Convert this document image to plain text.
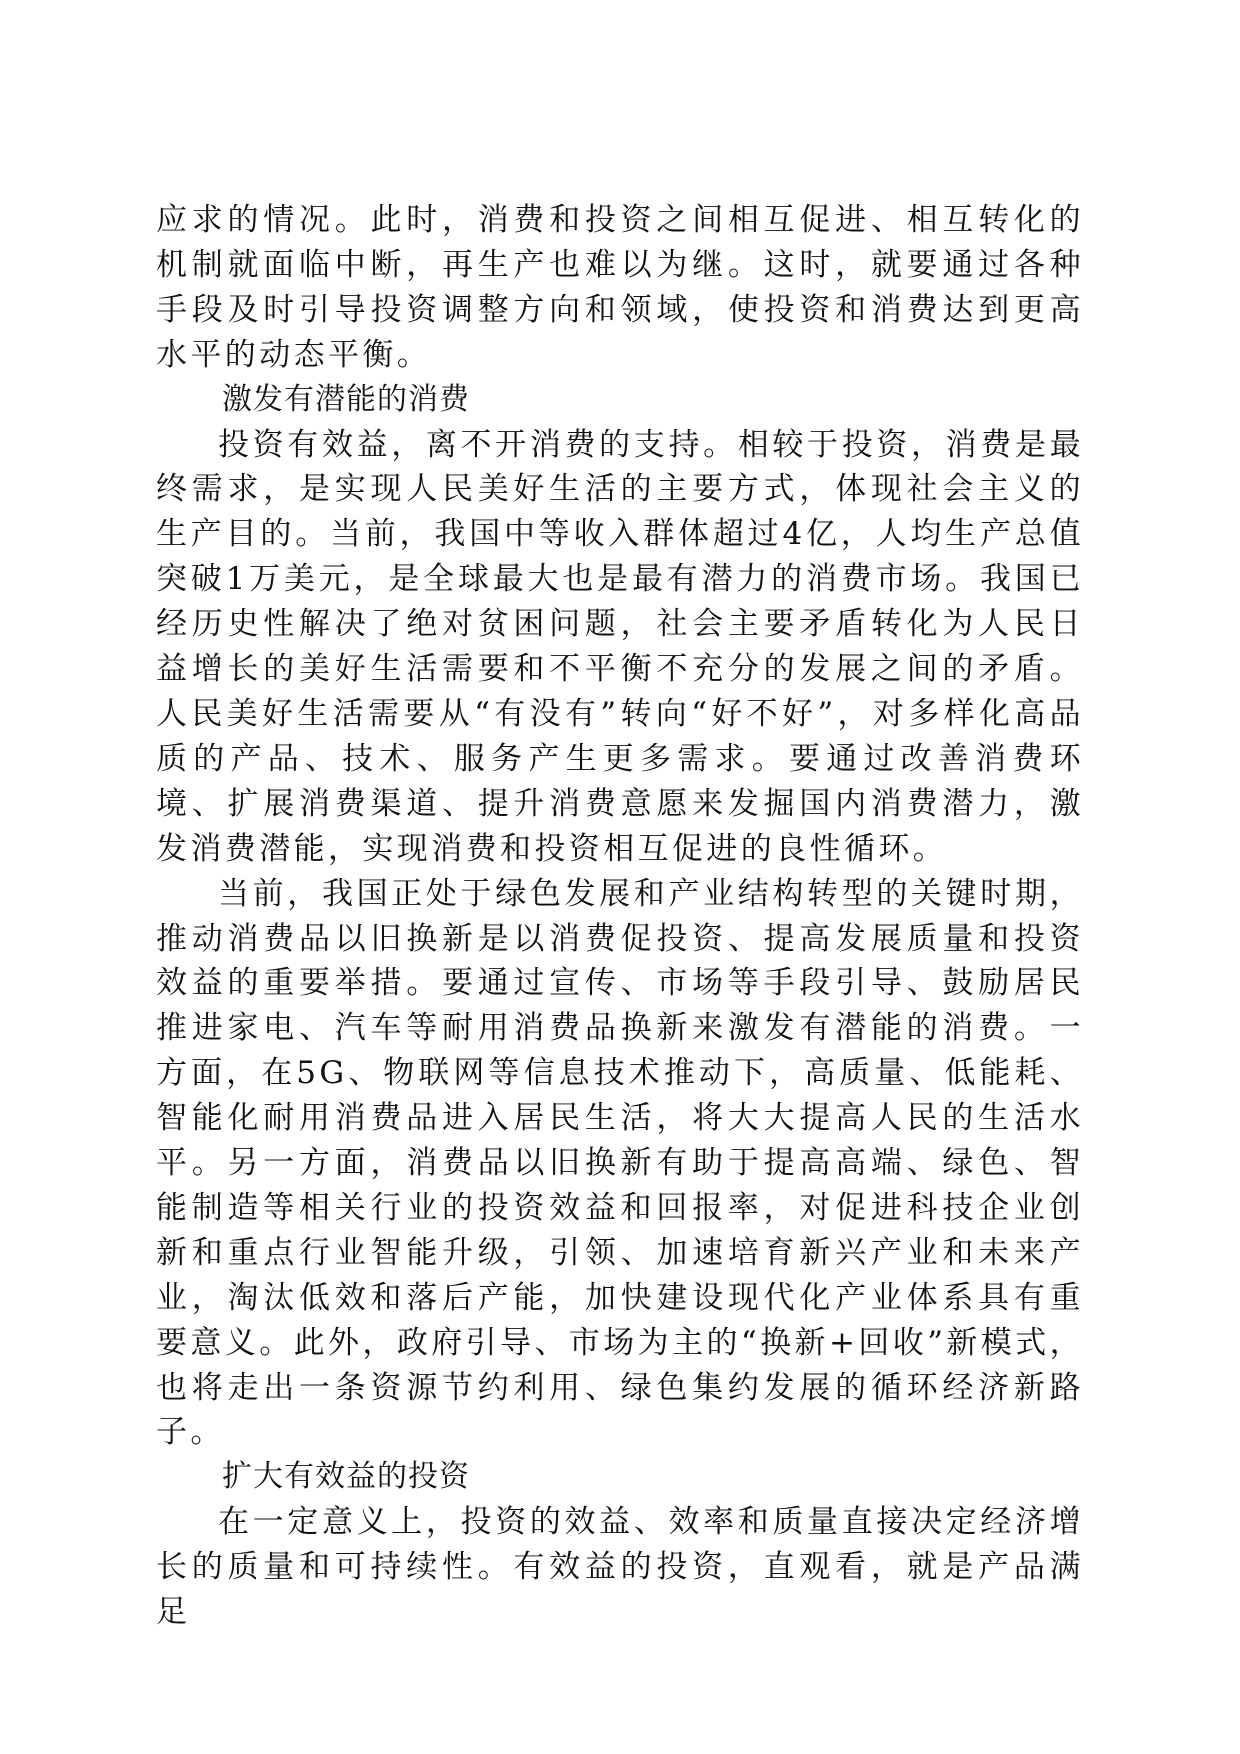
应求的情况。此时，消费和投资之间相互促进、相互转化的机制就面临中断，再生产也难以为继。这时，就要通过各种手段及时引导投资调整方向和领域，使投资和消费达到更高水平的动态平衡。

激发有潜能的消费

投资有效益，离不开消费的支持。相较于投资，消费是最终需求，是实现人民美好生活的主要方式，体现社会主义的生产目的。当前，我国中等收入群体超过4亿，人均生产总值突破1万美元，是全球最大也是最有潜力的消费市场。我国已经历史性解决了绝对贫困问题，社会主要矛盾转化为人民日益增长的美好生活需要和不平衡不充分的发展之间的矛盾。人民美好生活需要从“有没有”转向“好不好”，对多样化高品质的产品、技术、服务产生更多需求。要通过改善消费环境、扩展消费渠道、提升消费意愿来发掘国内消费潜力，激发消费潜能，实现消费和投资相互促进的良性循环。

当前，我国正处于绿色发展和产业结构转型的关键时期，推动消费品以旧换新是以消费促投资、提高发展质量和投资效益的重要举措。要通过宣传、市场等手段引导、鼓励居民推进家电、汽车等耐用消费品换新来激发有潜能的消费。一方面，在5G、物联网等信息技术推动下，高质量、低能耗、智能化耐用消费品进入居民生活，将大大提高人民的生活水平。另一方面，消费品以旧换新有助于提高高端、绿色、智能制造等相关行业的投资效益和回报率，对促进科技企业创新和重点行业智能升级，引领、加速培育新兴产业和未来产业，淘汰低效和落后产能，加快建设现代化产业体系具有重要意义。此外，政府引导、市场为主的“换新+回收”新模式，也将走出一条资源节约利用、绿色集约发展的循环经济新路子。

扩大有效益的投资

在一定意义上，投资的效益、效率和质量直接决定经济增长的质量和可持续性。有效益的投资，直观看，就是产品满足
